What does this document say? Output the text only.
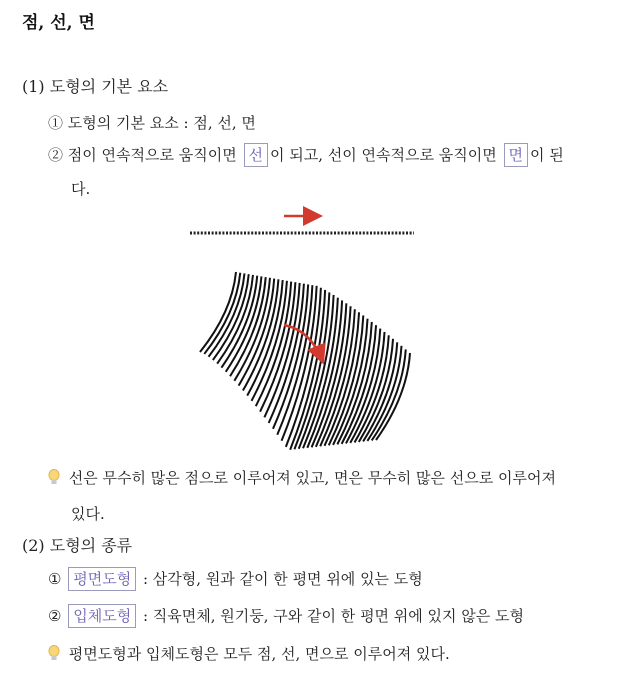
점, 선, 면
(1) 도형의 기본 요소
① 도형의 기본 요소 : 점, 선, 면
② 점이 연속적으로 움직이면 선 이 되고, 선이 연속적으로 움직이면 면 이 된
다.
선은 무수히 많은 점으로 이루어져 있고, 면은 무수히 많은 선으로 이루어져
있다.
(2) 도형의 종류
① 평면도형 : 삼각형, 원과 같이 한 평면 위에 있는 도형
② 입체도형 : 직육면체, 원기둥, 구와 같이 한 평면 위에 있지 않은 도형
평면도형과 입체도형은 모두 점, 선, 면으로 이루어져 있다.
